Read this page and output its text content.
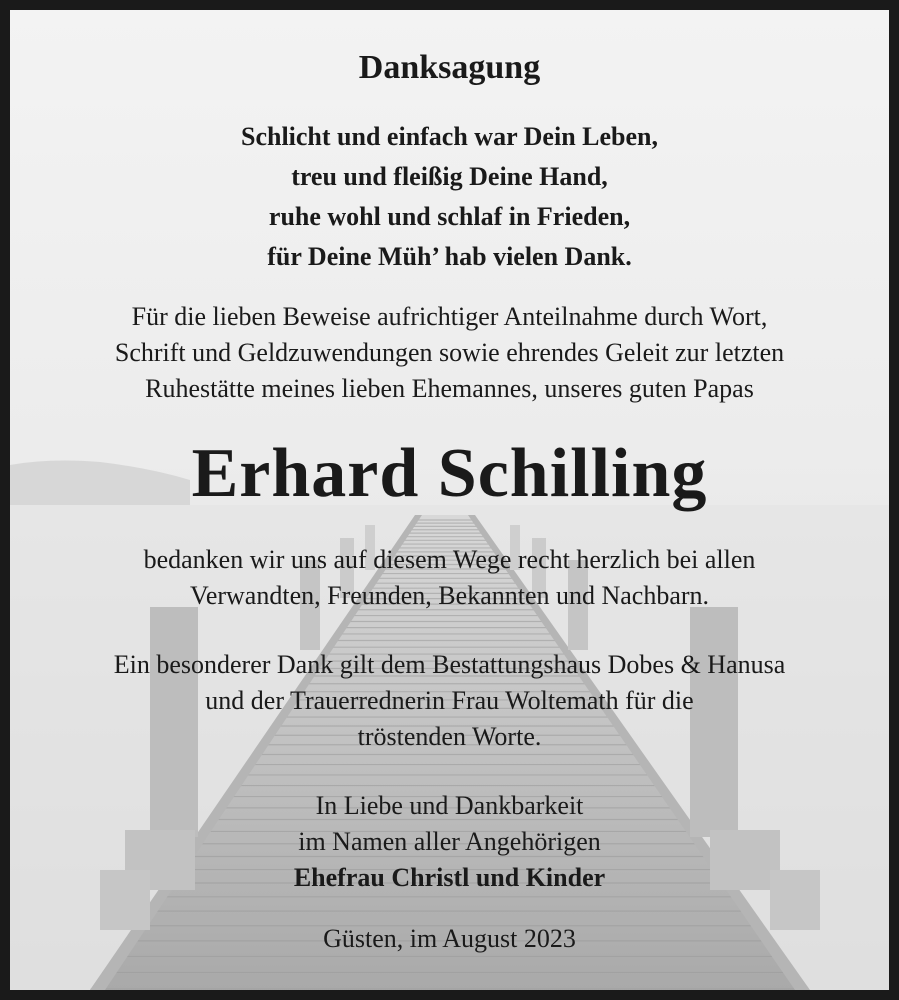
Danksagung
Schlicht und einfach war Dein Leben,
treu und fleißig Deine Hand,
ruhe wohl und schlaf in Frieden,
für Deine Müh’ hab vielen Dank.
Für die lieben Beweise aufrichtiger Anteilnahme durch Wort,
Schrift und Geldzuwendungen sowie ehrendes Geleit zur letzten
Ruhestätte meines lieben Ehemannes, unseres guten Papas
Erhard Schilling
bedanken wir uns auf diesem Wege recht herzlich bei allen
Verwandten, Freunden, Bekannten und Nachbarn.
Ein besonderer Dank gilt dem Bestattungshaus Dobes & Hanusa
und der Trauerrednerin Frau Woltemath für die
tröstenden Worte.
In Liebe und Dankbarkeit
im Namen aller Angehörigen
Ehefrau Christl und Kinder
Güsten, im August 2023
